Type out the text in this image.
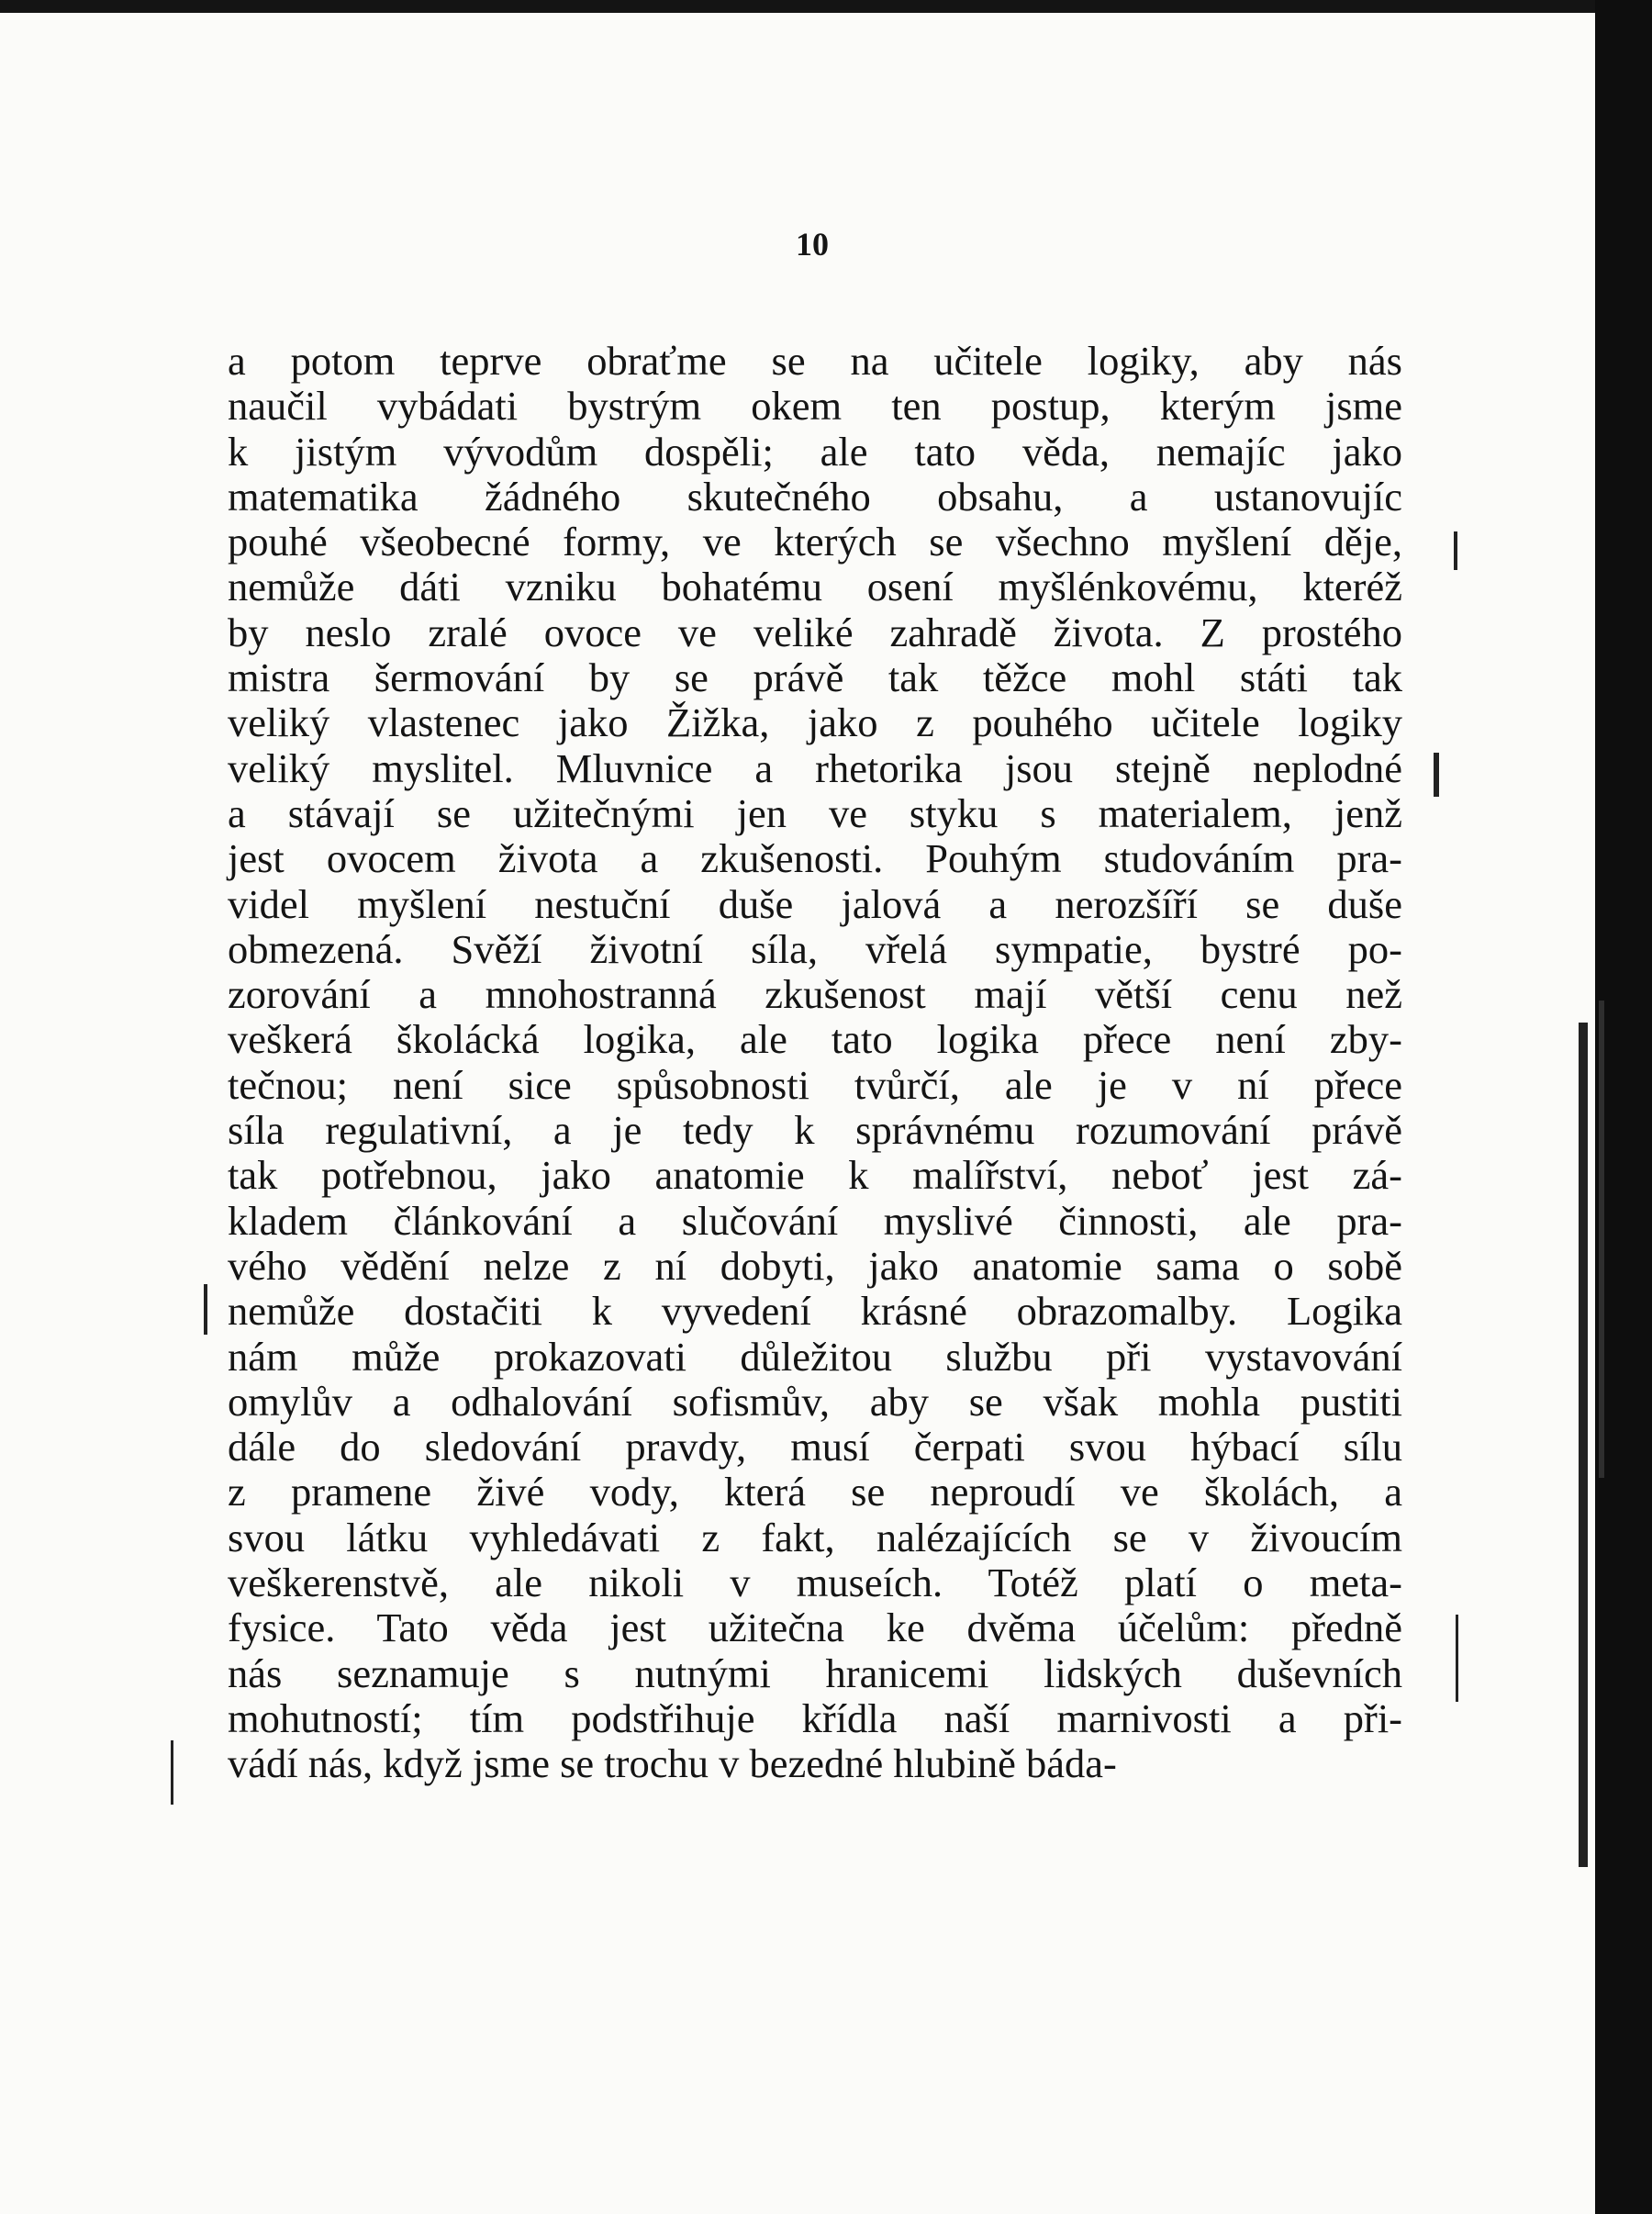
10
a potom teprve obraťme se na učitele logiky, aby nás
naučil vybádati bystrým okem ten postup, kterým jsme
k jistým vývodům dospěli; ale tato věda, nemajíc jako
matematika žádného skutečného obsahu, a ustanovujíc
pouhé všeobecné formy, ve kterých se všechno myšlení děje,
nemůže dáti vzniku bohatému osení myšlénkovému, kteréž
by neslo zralé ovoce ve veliké zahradě života. Z prostého
mistra šermování by se právě tak těžce mohl státi tak
veliký vlastenec jako Žižka, jako z pouhého učitele logiky
veliký myslitel. Mluvnice a rhetorika jsou stejně neplodné
a stávají se užitečnými jen ve styku s materialem, jenž
jest ovocem života a zkušenosti. Pouhým studováním pra-
videl myšlení nestuční duše jalová a nerozšíří se duše
obmezená. Svěží životní síla, vřelá sympatie, bystré po-
zorování a mnohostranná zkušenost mají větší cenu než
veškerá školácká logika, ale tato logika přece není zby-
tečnou; není sice spůsobnosti tvůrčí, ale je v ní přece
síla regulativní, a je tedy k správnému rozumování právě
tak potřebnou, jako anatomie k malířství, neboť jest zá-
kladem článkování a slučování myslivé činnosti, ale pra-
vého vědění nelze z ní dobyti, jako anatomie sama o sobě
nemůže dostačiti k vyvedení krásné obrazomalby. Logika
nám může prokazovati důležitou službu při vystavování
omylův a odhalování sofismův, aby se však mohla pustiti
dále do sledování pravdy, musí čerpati svou hýbací sílu
z pramene živé vody, která se neproudí ve školách, a
svou látku vyhledávati z fakt, nalézajících se v živoucím
veškerenstvě, ale nikoli v museích. Totéž platí o meta-
fysice. Tato věda jest užitečna ke dvěma účelům: předně
nás seznamuje s nutnými hranicemi lidských duševních
mohutností; tím podstřihuje křídla naší marnivosti a při-
vádí nás, když jsme se trochu v bezedné hlubině báda-
